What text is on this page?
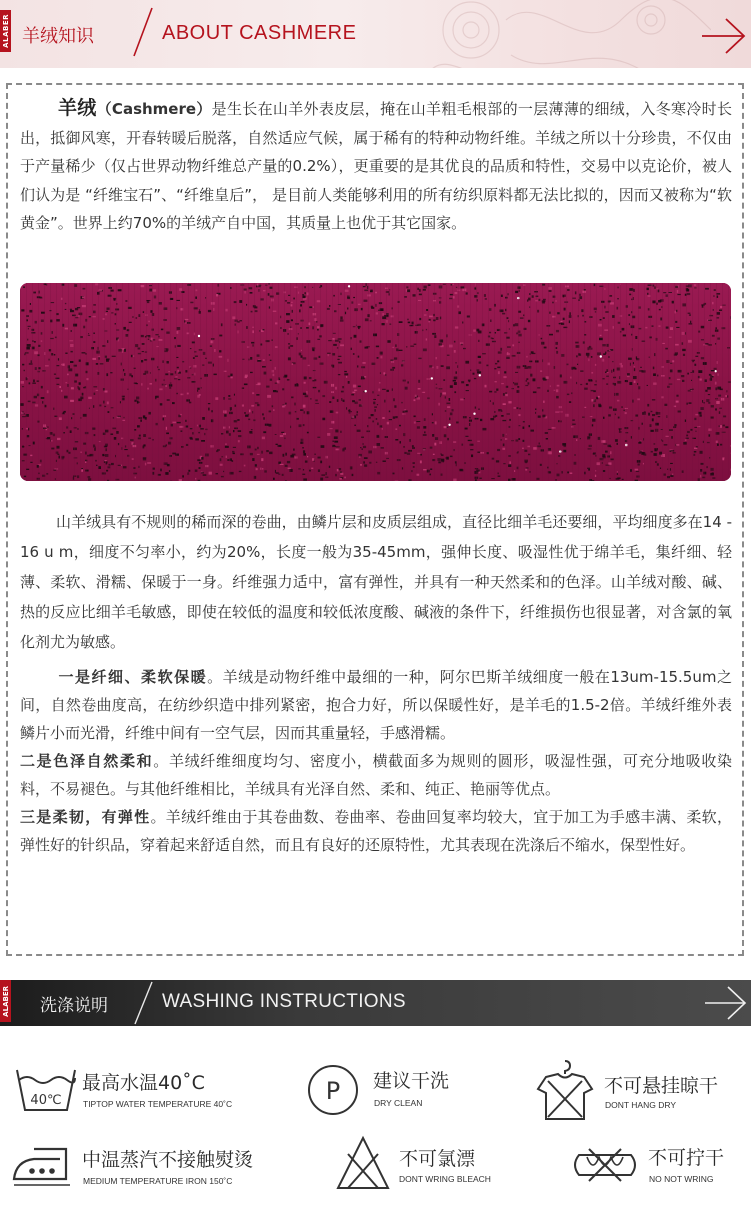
ALABER 羊绒知识	ABOUT CASHMERE

羊绒（Cashmere）是生长在山羊外表皮层，掩在山羊粗毛根部的一层薄薄的细绒，入冬寒冷时长出，抵御风寒，开春转暖后脱落，自然适应气候，属于稀有的特种动物纤维。羊绒之所以十分珍贵，不仅由于产量稀少（仅占世界动物纤维总产量的0.2%），更重要的是其优良的品质和特性，交易中以克论价，被人们认为是 “纤维宝石”、“纤维皇后”， 是目前人类能够利用的所有纺织原料都无法比拟的，因而又被称为“软黄金”。世界上约70%的羊绒产自中国，其质量上也优于其它国家。

山羊绒具有不规则的稀而深的卷曲，由鳞片层和皮质层组成，直径比细羊毛还要细，平均细度多在14 - 16 u m，细度不匀率小，约为20%，长度一般为35-45mm，强伸长度、吸湿性优于绵羊毛，集纤细、轻薄、柔软、滑糯、保暖于一身。纤维强力适中，富有弹性，并具有一种天然柔和的色泽。山羊绒对酸、碱、热的反应比细羊毛敏感，即使在较低的温度和较低浓度酸、碱液的条件下，纤维损伤也很显著，对含氯的氧化剂尤为敏感。

一是纤细、柔软保暖。羊绒是动物纤维中最细的一种，阿尔巴斯羊绒细度一般在13um-15.5um之间，自然卷曲度高，在纺纱织造中排列紧密，抱合力好，所以保暖性好，是羊毛的1.5-2倍。羊绒纤维外表鳞片小而光滑，纤维中间有一空气层，因而其重量轻，手感滑糯。

二是色泽自然柔和。羊绒纤维细度均匀、密度小，横截面多为规则的圆形，吸湿性强，可充分地吸收染料，不易褪色。与其他纤维相比，羊绒具有光泽自然、柔和、纯正、艳丽等优点。

三是柔韧，有弹性。羊绒纤维由于其卷曲数、卷曲率、卷曲回复率均较大，宜于加工为手感丰满、柔软，弹性好的针织品，穿着起来舒适自然，而且有良好的还原特性，尤其表现在洗涤后不缩水，保型性好。

ALABER 洗涤说明	WASHING INSTRUCTIONS
40℃
最高水温40˚C
TIPTOP WATER TEMPERATURE 40˚C	P 建议干洗
DRY CLEAN
不可悬挂晾干
DONT HANG DRY
中温蒸汽不接触熨烫
MEDIUM TEMPERATURE IRON 150˚C
不可氯漂
DONT WRING BLEACH
不可拧干
NO NOT WRING
